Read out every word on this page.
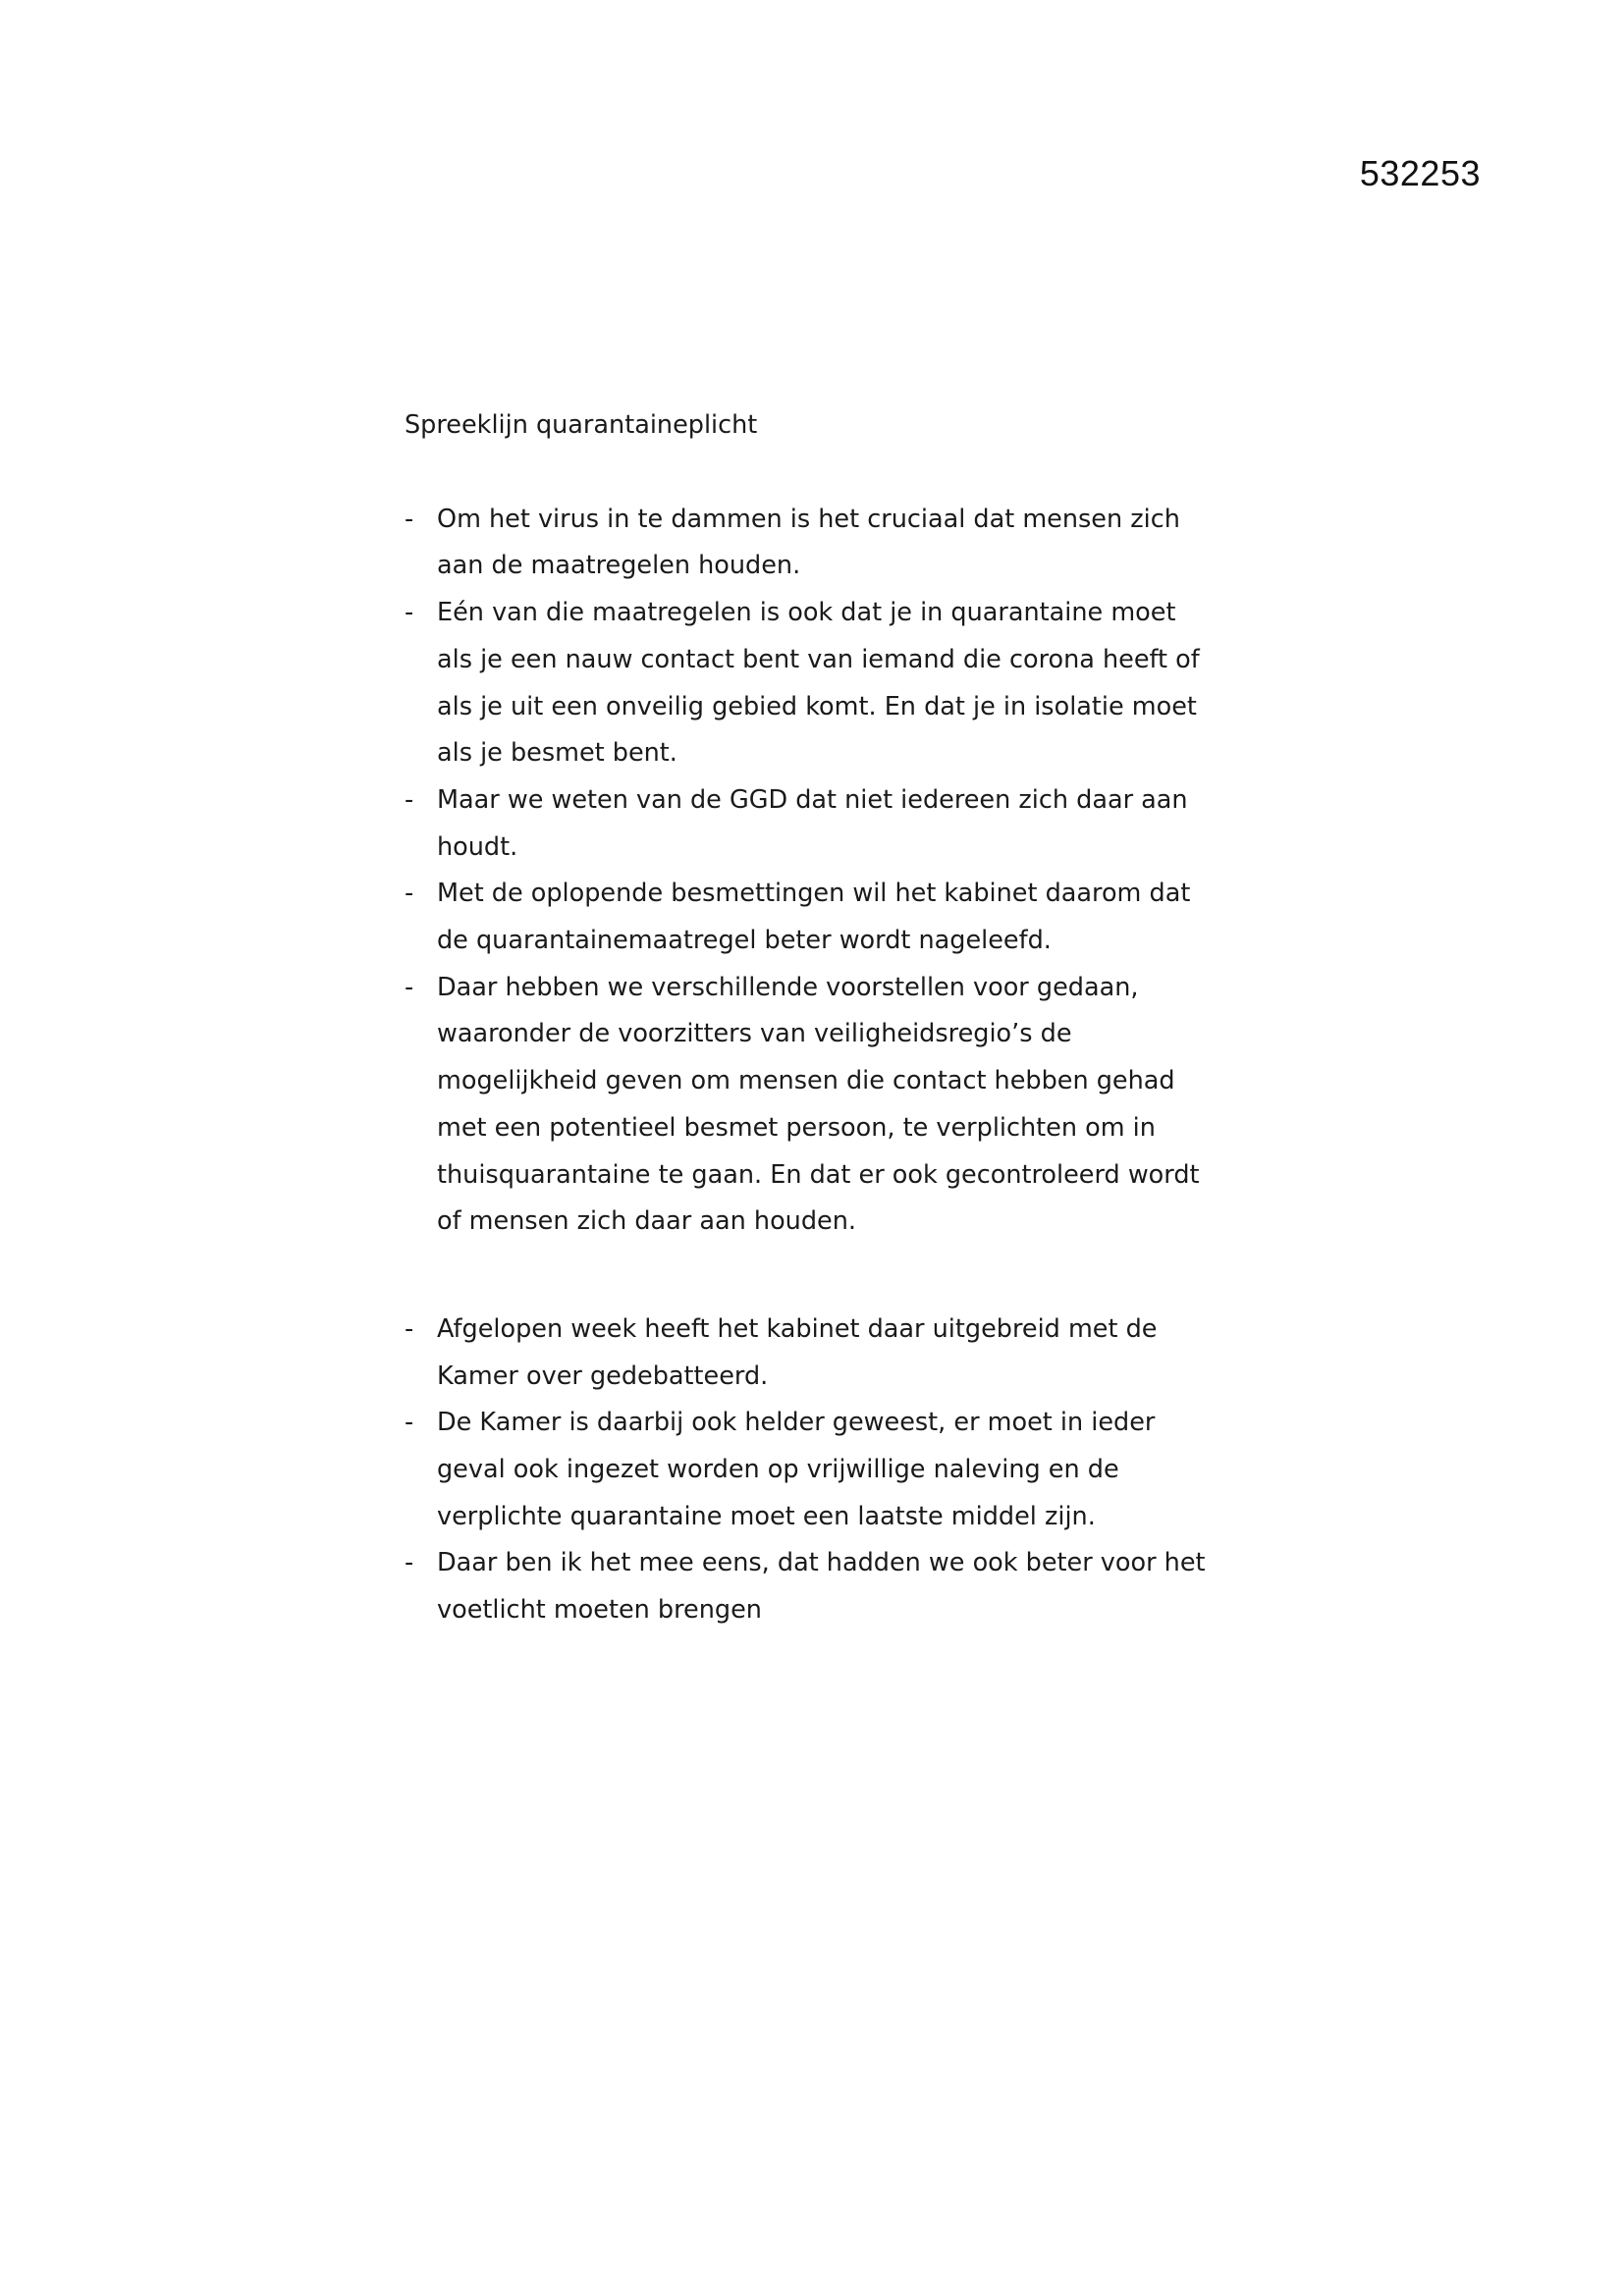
532253

Spreeklijn quarantaineplicht

- Om het virus in te dammen is het cruciaal dat mensen zich
aan de maatregelen houden.
- Eén van die maatregelen is ook dat je in quarantaine moet
als je een nauw contact bent van iemand die corona heeft of
als je uit een onveilig gebied komt. En dat je in isolatie moet
als je besmet bent.
- Maar we weten van de GGD dat niet iedereen zich daar aan
houdt.
- Met de oplopende besmettingen wil het kabinet daarom dat
de quarantainemaatregel beter wordt nageleefd.
- Daar hebben we verschillende voorstellen voor gedaan,
waaronder de voorzitters van veiligheidsregio’s de
mogelijkheid geven om mensen die contact hebben gehad
met een potentieel besmet persoon, te verplichten om in
thuisquarantaine te gaan. En dat er ook gecontroleerd wordt
of mensen zich daar aan houden.
- Afgelopen week heeft het kabinet daar uitgebreid met de
Kamer over gedebatteerd.
- De Kamer is daarbij ook helder geweest, er moet in ieder
geval ook ingezet worden op vrijwillige naleving en de
verplichte quarantaine moet een laatste middel zijn.
- Daar ben ik het mee eens, dat hadden we ook beter voor het
voetlicht moeten brengen
